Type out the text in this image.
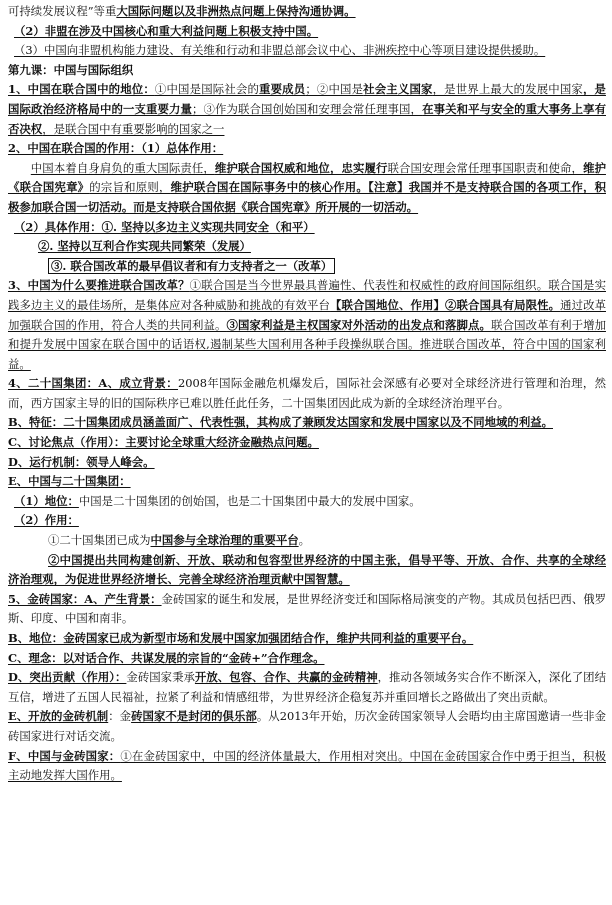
可持续发展议程”等重大国际问题以及非洲热点问题上保持沟通协调。

（2）非盟在涉及中国核心和重大利益问题上积极支持中国。

（3）中国向非盟机构能力建设、有关维和行动和非盟总部会议中心、非洲疾控中心等项目建设提供援助。

第九课：中国与国际组织

1、中国在联合国中的地位：①中国是国际社会的重要成员；②中国是社会主义国家，是世界上最大的发展中国家，是国际政治经济格局中的一支重要力量；③作为联合国创始国和安理会常任理事国，在事关和平与安全的重大事务上享有否决权，是联合国中有重要影响的国家之一

2、中国在联合国的作用：（1）总体作用：

中国本着自身肩负的重大国际责任，维护联合国权威和地位，忠实履行联合国安理会常任理事国职责和使命，维护《联合国宪章》的宗旨和原则，维护联合国在国际事务中的核心作用。【注意】我国并不是支持联合国的各项工作，积极参加联合国一切活动。而是支持联合国依据《联合国宪章》所开展的一切活动。

（2）具体作用：①. 坚持以多边主义实现共同安全（和平）

②. 坚持以互利合作实现共同繁荣（发展）

③. 联合国改革的最早倡议者和有力支持者之一（改革）

3、中国为什么要推进联合国改革？①联合国是当今世界最具普遍性、代表性和权威性的政府间国际组织。联合国是实践多边主义的最佳场所，是集体应对各种威胁和挑战的有效平台【联合国地位、作用】②联合国具有局限性。通过改革加强联合国的作用，符合人类的共同利益。③国家利益是主权国家对外活动的出发点和落脚点。联合国改革有利于增加和提升发展中国家在联合国中的话语权,遏制某些大国利用各种手段操纵联合国。推进联合国改革，符合中国的国家利益。

4、二十国集团：A、成立背景：2008年国际金融危机爆发后，国际社会深感有必要对全球经济进行管理和治理，然而，西方国家主导的旧的国际秩序已难以胜任此任务，二十国集团因此成为新的全球经济治理平台。

B、特征：二十国集团成员涵盖面广、代表性强，其构成了兼顾发达国家和发展中国家以及不同地域的利益。

C、讨论焦点（作用）：主要讨论全球重大经济金融热点问题。

D、运行机制：领导人峰会。

E、中国与二十国集团：

（1）地位：中国是二十国集团的创始国，也是二十国集团中最大的发展中国家。

（2）作用：

①二十国集团已成为中国参与全球治理的重要平台。

②中国提出共同构建创新、开放、联动和包容型世界经济的中国主张，倡导平等、开放、合作、共享的全球经济治理观，为促进世界经济增长、完善全球经济治理贡献中国智慧。

5、金砖国家：A、产生背景：金砖国家的诞生和发展，是世界经济变迁和国际格局演变的产物。其成员包括巴西、俄罗斯、印度、中国和南非。

B、地位：金砖国家已成为新型市场和发展中国家加强团结合作，维护共同利益的重要平台。

C、理念：以对话合作、共谋发展的宗旨的“金砖+”合作理念。

D、突出贡献（作用）：金砖国家秉承开放、包容、合作、共赢的金砖精神，推动各领域务实合作不断深入，深化了团结互信，增进了五国人民福祉，拉紧了利益和情感纽带，为世界经济企稳复苏并重回增长之路做出了突出贡献。

E、开放的金砖机制：金砖国家不是封闭的俱乐部。从2013年开始，历次金砖国家领导人会晤均由主席国邀请一些非金砖国家进行对话交流。

F、中国与金砖国家：①在金砖国家中，中国的经济体量最大，作用相对突出。中国在金砖国家合作中勇于担当，积极主动地发挥大国作用。
